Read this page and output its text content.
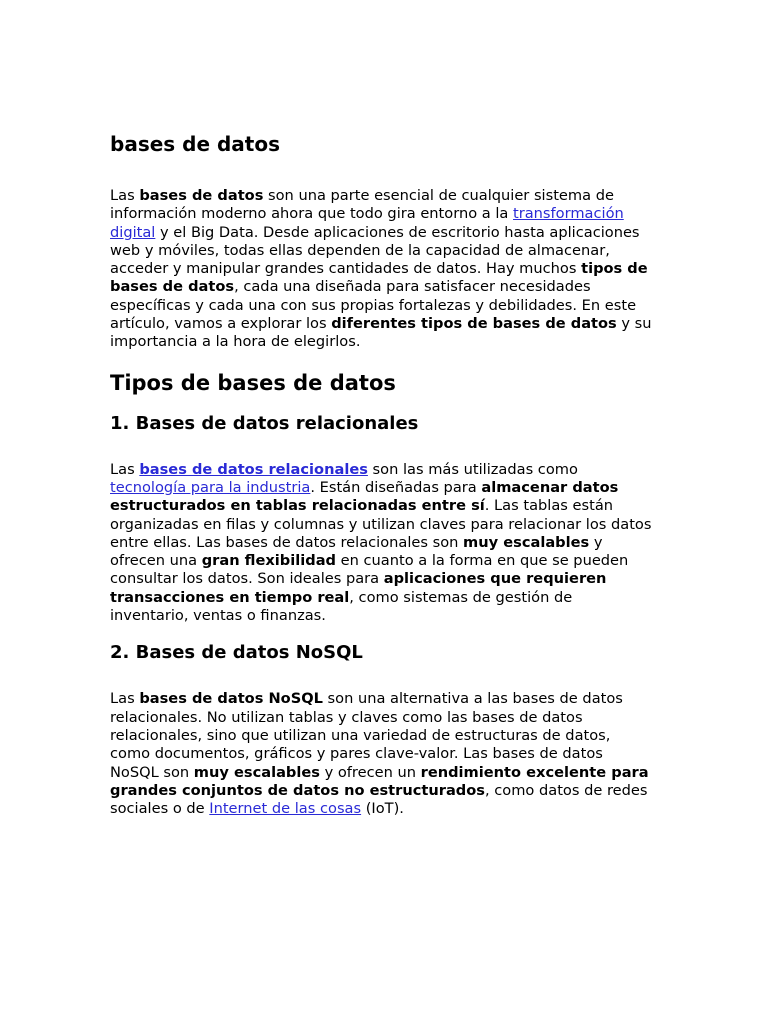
bases de datos

Las bases de datos son una parte esencial de cualquier sistema de información moderno ahora que todo gira entorno a la transformación digital y el Big Data. Desde aplicaciones de escritorio hasta aplicaciones web y móviles, todas ellas dependen de la capacidad de almacenar, acceder y manipular grandes cantidades de datos. Hay muchos tipos de bases de datos, cada una diseñada para satisfacer necesidades específicas y cada una con sus propias fortalezas y debilidades. En este artículo, vamos a explorar los diferentes tipos de bases de datos y su importancia a la hora de elegirlos.

Tipos de bases de datos
1. Bases de datos relacionales

Las bases de datos relacionales son las más utilizadas como tecnología para la industria. Están diseñadas para almacenar datos estructurados en tablas relacionadas entre sí. Las tablas están organizadas en filas y columnas y utilizan claves para relacionar los datos entre ellas. Las bases de datos relacionales son muy escalables y ofrecen una gran flexibilidad en cuanto a la forma en que se pueden consultar los datos. Son ideales para aplicaciones que requieren transacciones en tiempo real, como sistemas de gestión de inventario, ventas o finanzas.

2. Bases de datos NoSQL

Las bases de datos NoSQL son una alternativa a las bases de datos relacionales. No utilizan tablas y claves como las bases de datos relacionales, sino que utilizan una variedad de estructuras de datos, como documentos, gráficos y pares clave-valor. Las bases de datos NoSQL son muy escalables y ofrecen un rendimiento excelente para grandes conjuntos de datos no estructurados, como datos de redes sociales o de Internet de las cosas (IoT).
